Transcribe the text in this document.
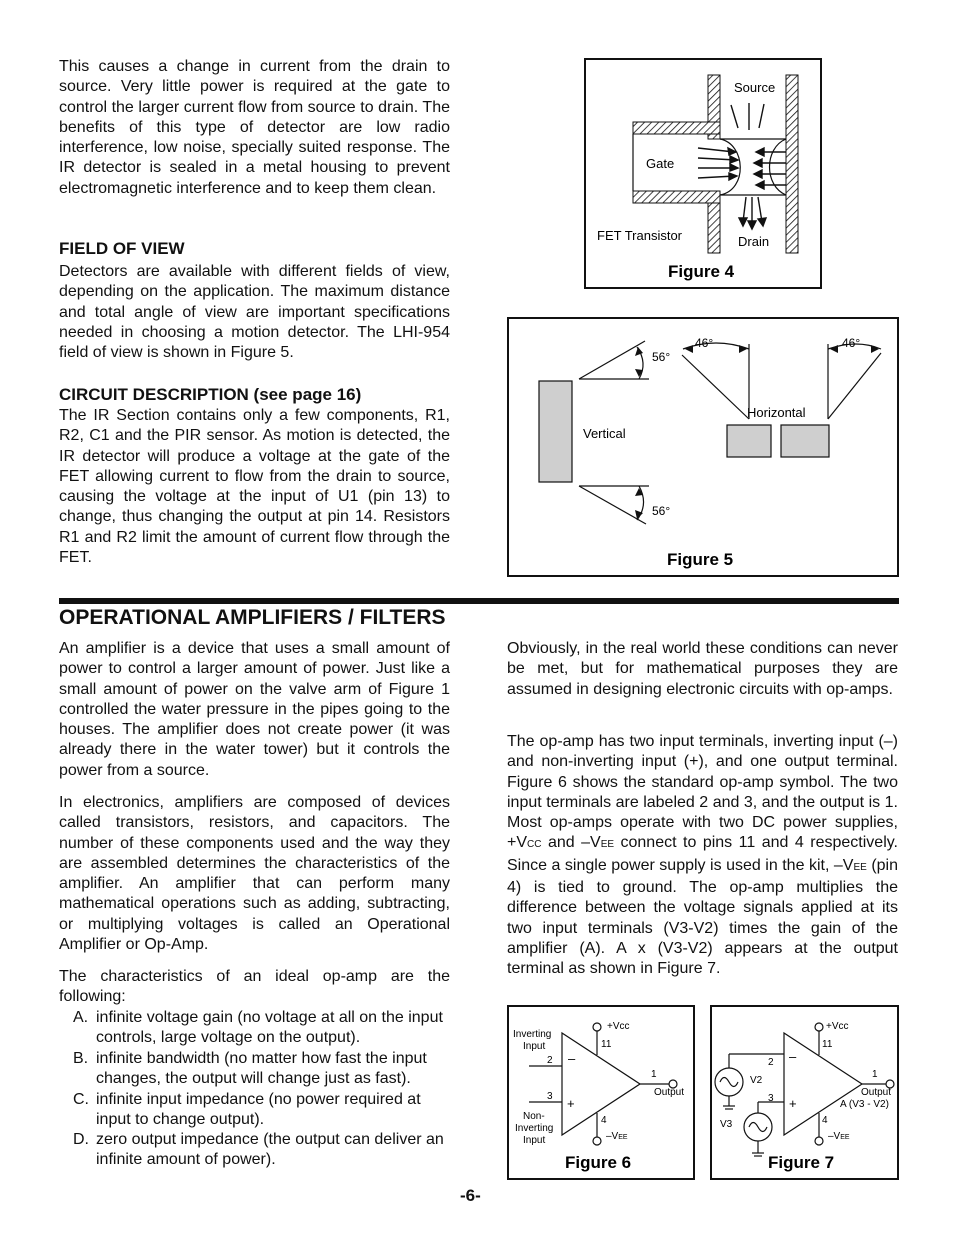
This causes a change in current from the drain to source. Very little power is required at the gate to control the larger current flow from source to drain. The benefits of this type of detector are low radio interference, low noise, specially suited response. The IR detector is sealed in a metal housing to prevent electromagnetic interference and to keep them clean.

FIELD OF VIEW

Detectors are available with different fields of view, depending on the application. The maximum distance and total angle of view are important specifications needed in choosing a motion detector. The LHI-954 field of view is shown in Figure 5.

CIRCUIT DESCRIPTION (see page 16)

The IR Section contains only a few components, R1, R2, C1 and the PIR sensor. As motion is detected, the IR detector will produce a voltage at the gate of the FET allowing current to flow from the drain to source, causing the voltage at the input of U1 (pin 13) to change, thus changing the output at pin 14. Resistors R1 and R2 limit the amount of current flow through the FET.

Source
Gate
Drain
FET Transistor
Figure 4
56°
56°
Vertical
Horizontal
46°	46°
Figure 5
OPERATIONAL AMPLIFIERS / FILTERS

An amplifier is a device that uses a small amount of power to control a larger amount of power. Just like a small amount of power on the valve arm of Figure 1 controlled the water pressure in the pipes going to the houses. The amplifier does not create power (it was already there in the water tower) but it controls the power from a source.

In electronics, amplifiers are composed of devices called transistors, resistors, and capacitors. The number of these components used and the way they are assembled determines the characteristics of the amplifier. An amplifier that can perform many mathematical operations such as adding, subtracting, or multiplying voltages is called an Operational Amplifier or Op-Amp.

The characteristics of an ideal op-amp are the following:

A. infinite voltage gain (no voltage at all on the input controls, large voltage on the output).
B. infinite bandwidth (no matter how fast the input changes, the output will change just as fast).
C. infinite input impedance (no power required at input to change output).
D. zero output impedance (the output can deliver an infinite amount of power).

Obviously, in the real world these conditions can never be met, but for mathematical purposes they are assumed in designing electronic circuits with op-amps.

The op-amp has two input terminals, inverting input (–) and non-inverting input (+), and one output terminal. Figure 6 shows the standard op-amp symbol. The two input terminals are labeled 2 and 3, and the output is 1. Most op-amps operate with two DC power supplies, +VCC and –VEE connect to pins 11 and 4 respectively. Since a single power supply is used in the kit, –VEE (pin 4) is tied to ground. The op-amp multiplies the difference between the voltage signals applied at its two input terminals (V3-V2) times the gain of the amplifier (A). A x (V3-V2) appears at the output terminal as shown in Figure 7.

Inverting
Input
Non-
Inverting
Input
2
3
–
+
+Vcc
11
4
–VEE
1
Output
Figure 6
V2
V3
2
3
–
+
+Vcc
11
4
–VEE
1
Output
A (V3 - V2)
Figure 7
-6-
